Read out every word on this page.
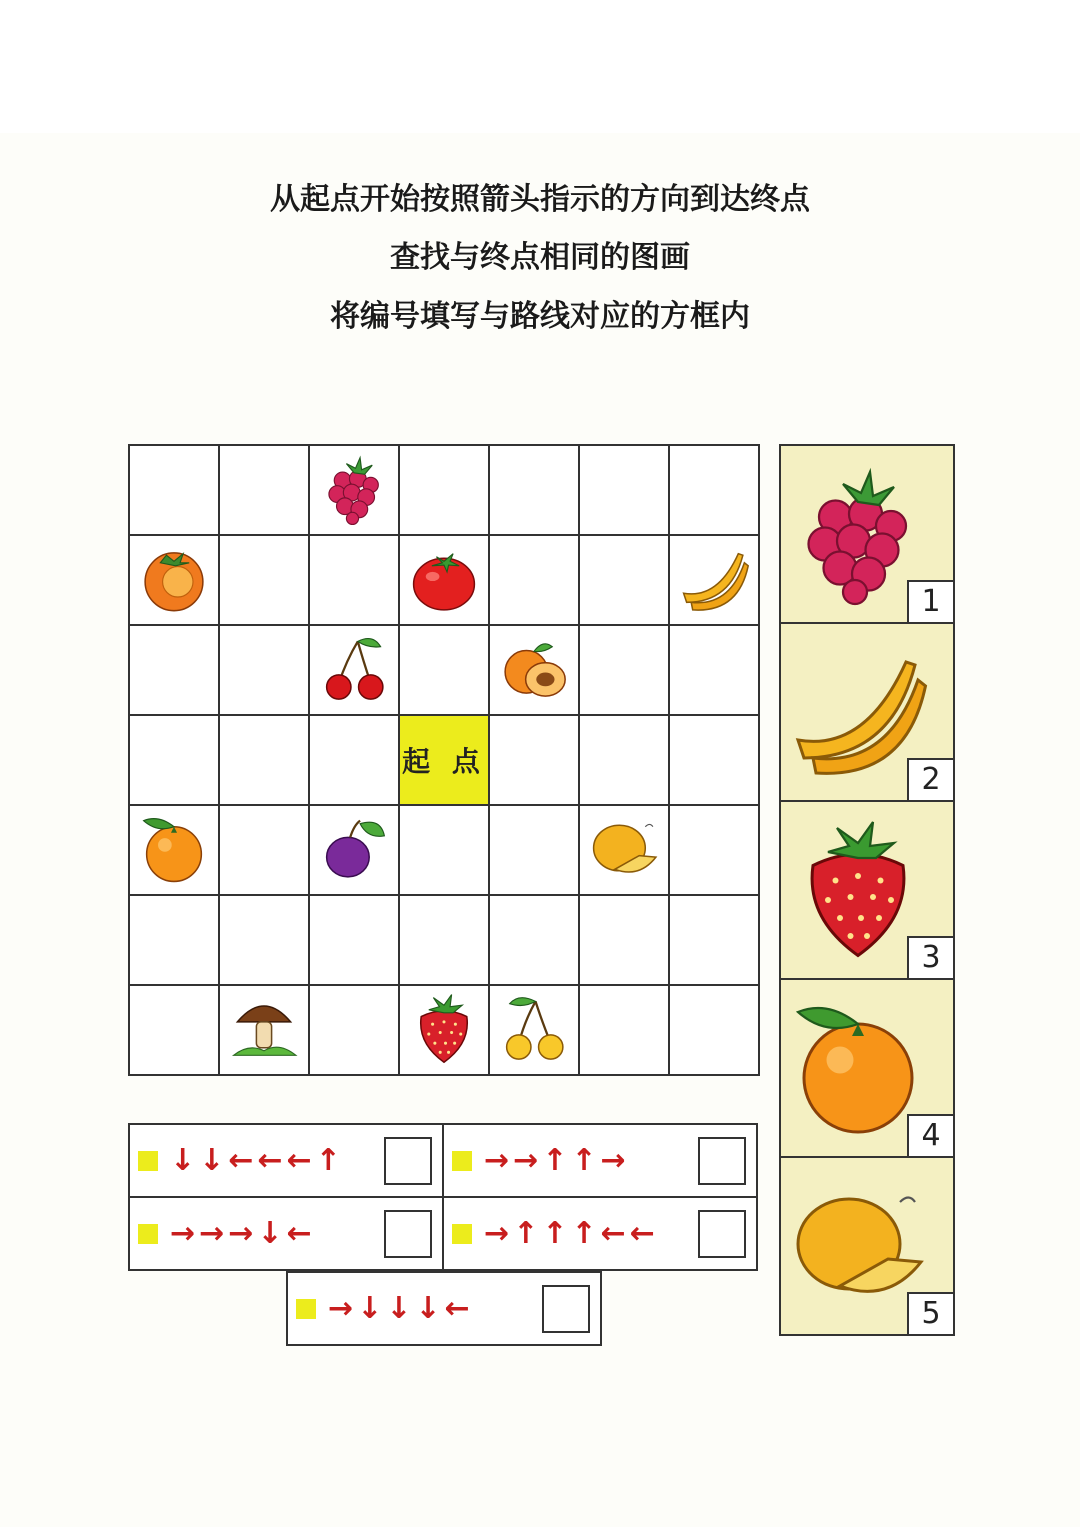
从起点开始按照箭头指示的方向到达终点
查找与终点相同的图画
将编号填写与路线对应的方框内
起 点
1
2
3
4
5
↓↓←←←↑	→→↑↑→
→→→↓←	→↑↑↑←←
→↓↓↓←
